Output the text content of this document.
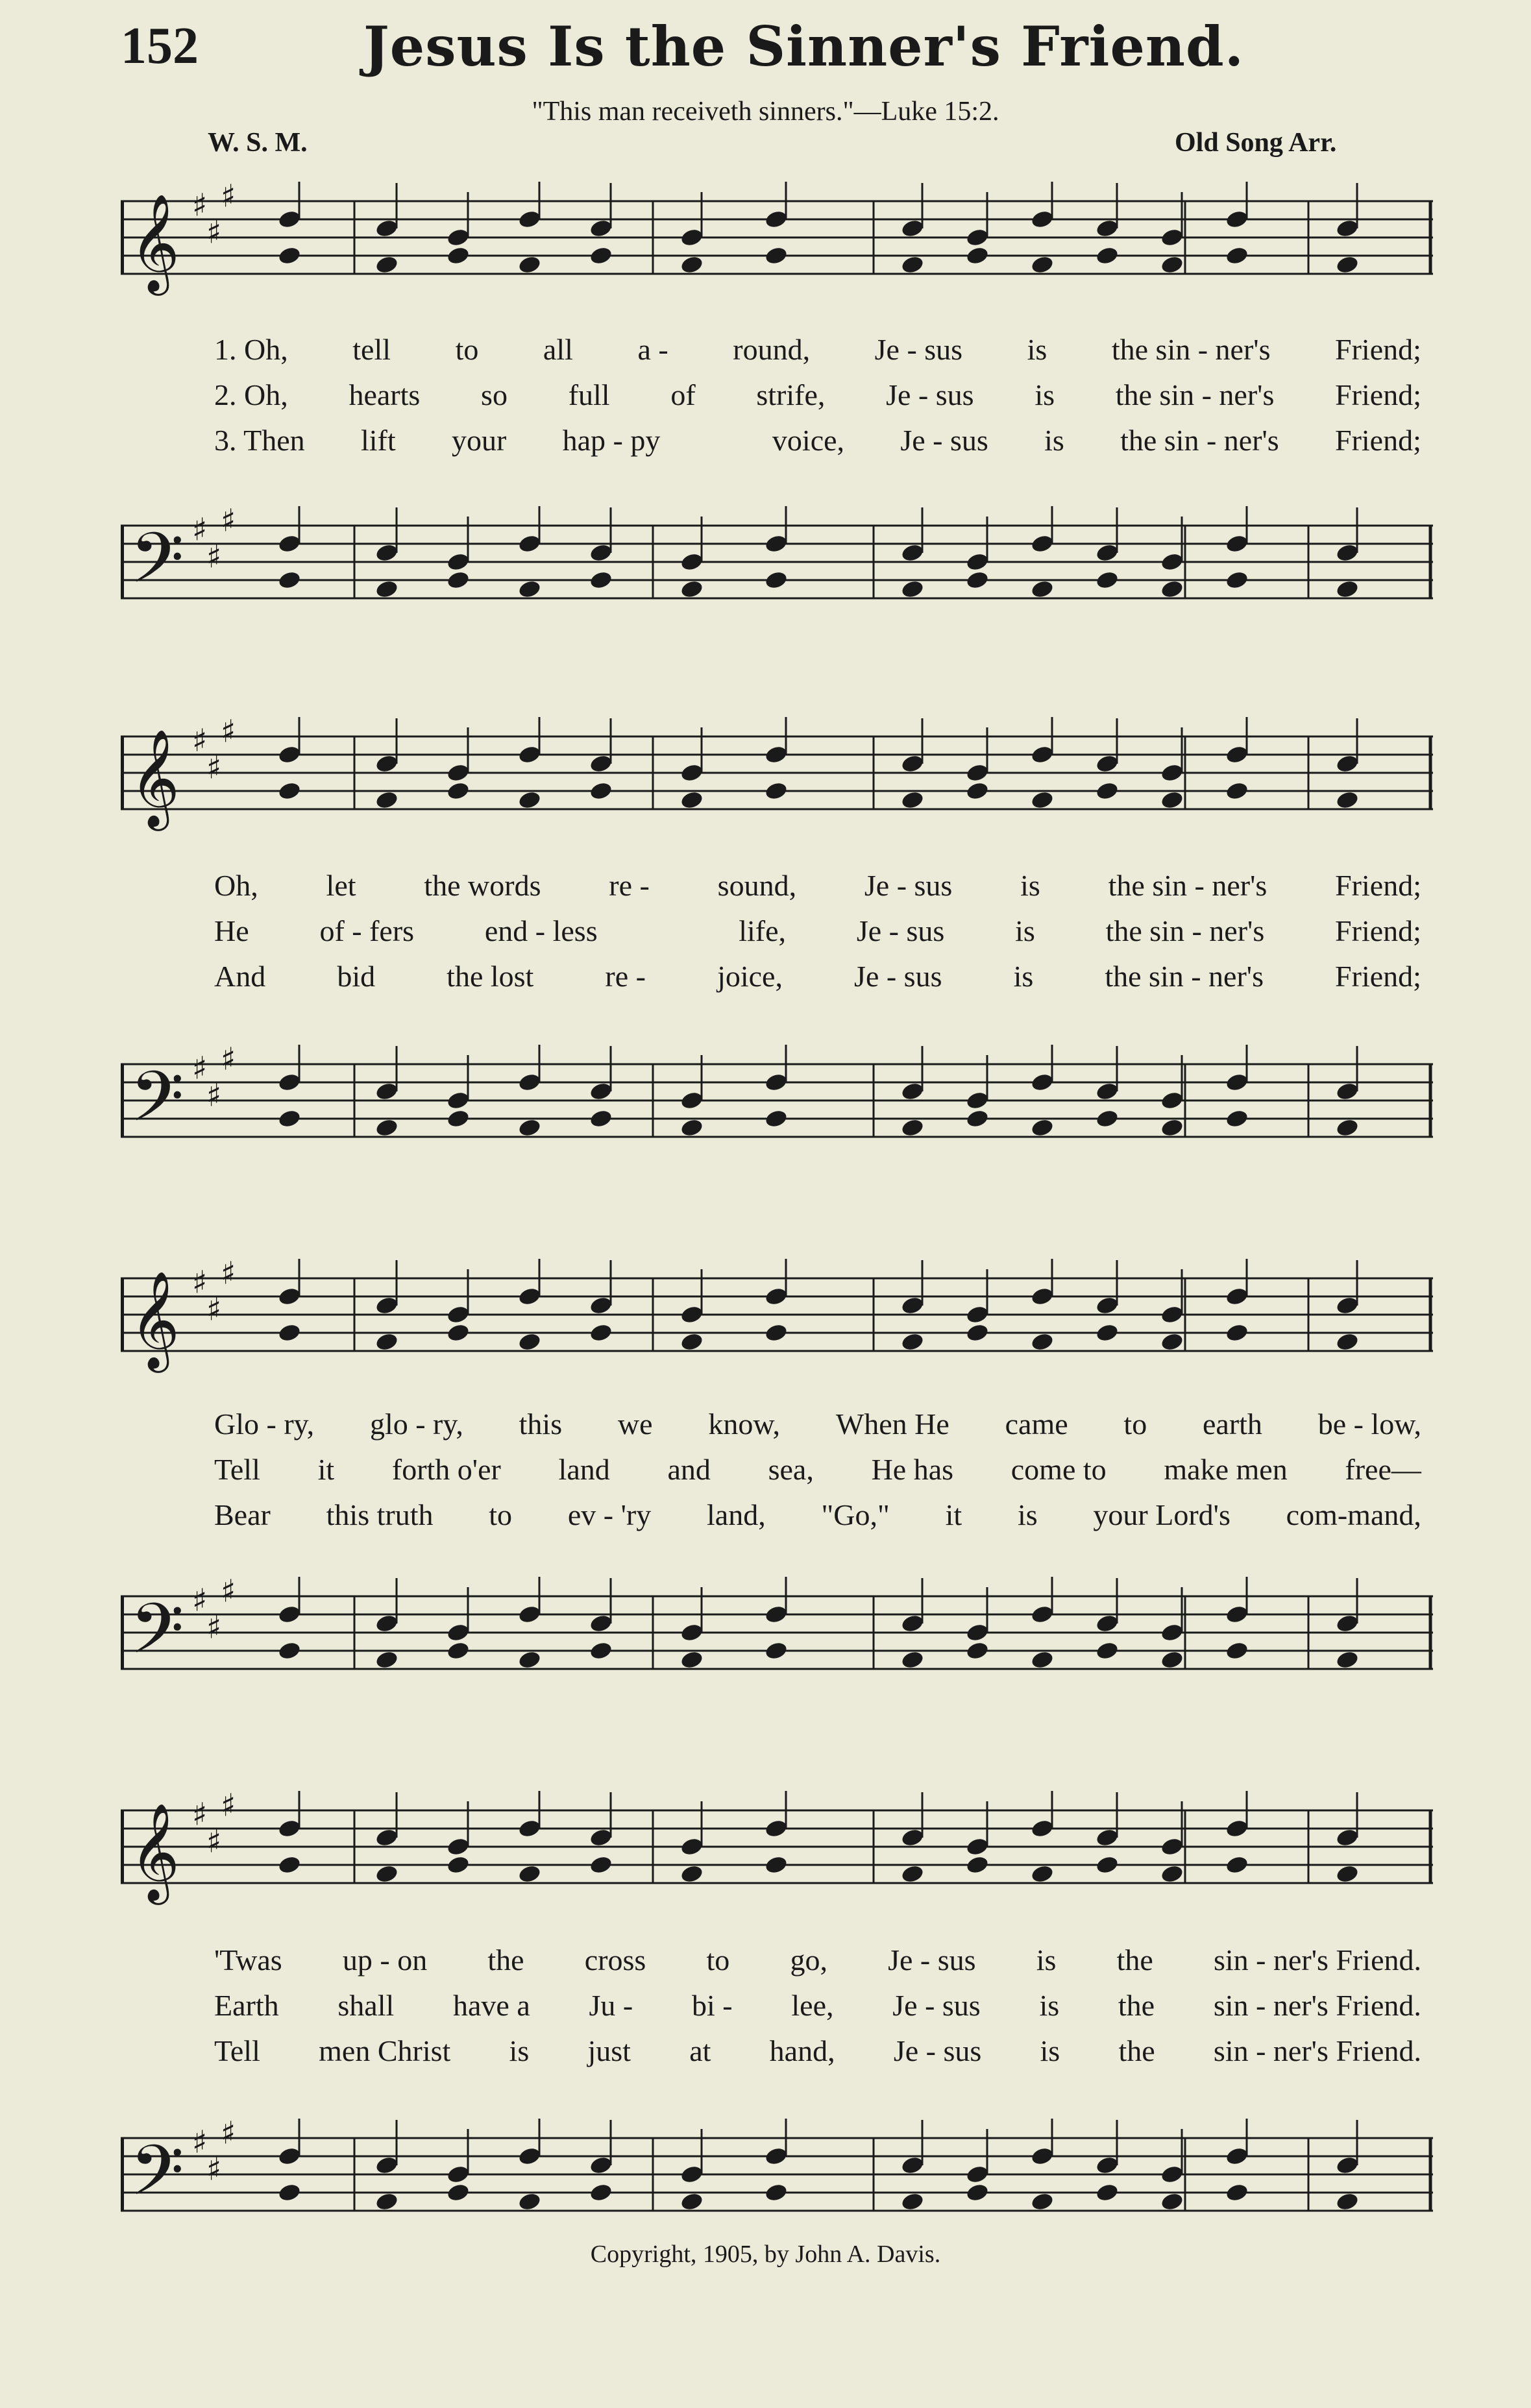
152	Jesus Is the Sinner's Friend.
"This man receiveth sinners."—Luke 15:2.
W. S. M.	Old Song Arr.
𝄞 ♯
♯
♯
𝄢 ♯
♯
♯
𝄞 ♯
♯
♯
𝄢 ♯
♯
♯
𝄞 ♯
♯
♯
𝄢 ♯
♯
♯
𝄞 ♯
♯
♯
𝄢 ♯
♯
♯
1. Oh, tell to all a - round, Je - sus is the sin - ner's Friend;
2. Oh, hearts so full of strife, Je - sus is the sin - ner's Friend;
3. Then lift your hap - py	voice, Je - sus is the sin - ner's Friend;
Oh, let the words re - sound, Je - sus is the sin - ner's Friend;
He of - fers end - less	life, Je - sus is the sin - ner's Friend;
And bid the lost re - joice, Je - sus is the sin - ner's Friend;
Glo - ry, glo - ry, this we know, When He came to earth be - low,
Tell it forth o'er land and sea, He has come to make men free—
Bear this truth to ev - 'ry land, "Go," it is your Lord's com-mand,
'Twas up - on the cross to go, Je - sus is the sin - ner's Friend.
Earth shall have a Ju - bi - lee, Je - sus is the sin - ner's Friend.
Tell men Christ is just at hand, Je - sus is the sin - ner's Friend.
Copyright, 1905, by John A. Davis.
